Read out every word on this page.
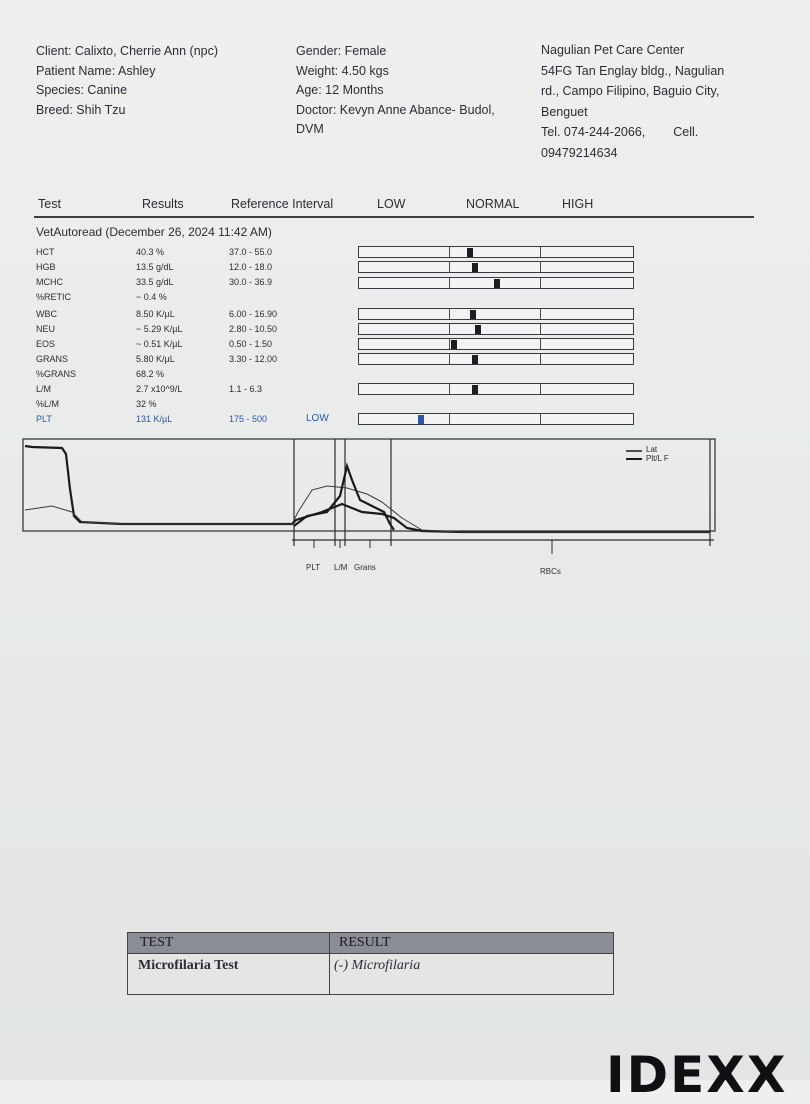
Client: Calixto, Cherrie Ann (npc)
Patient Name: Ashley
Species: Canine
Breed: Shih Tzu
Gender: Female
Weight: 4.50 kgs
Age: 12 Months
Doctor: Kevyn Anne Abance- Budol,
DVM
Nagulian Pet Care Center
54FG Tan Englay bldg., Nagulian
rd., Campo Filipino, Baguio City,
Benguet
Tel. 074-244-2066, Cell.
09479214634
Test	Results	Reference Interval	LOW	NORMAL	HIGH
VetAutoread (December 26, 2024 11:42 AM)
HCT	40.3 %	37.0 - 55.0
HGB	13.5 g/dL	12.0 - 18.0
MCHC	33.5 g/dL	30.0 - 36.9
%RETIC	~ 0.4 %
WBC	8.50 K/µL	6.00 - 16.90
NEU	~ 5.29 K/µL	2.80 - 10.50
EOS	~ 0.51 K/µL	0.50 - 1.50
GRANS	5.80 K/µL	3.30 - 12.00
%GRANS	68.2 %
L/M	2.7 x10^9/L	1.1 - 6.3
%L/M	32 %
PLT	131 K/µL	175 - 500	LOW
Lat
Plt/L F
PLT L/M Grans	RBCs
TEST	RESULT
Microfilaria Test	(-) Microfilaria
IDEXX
